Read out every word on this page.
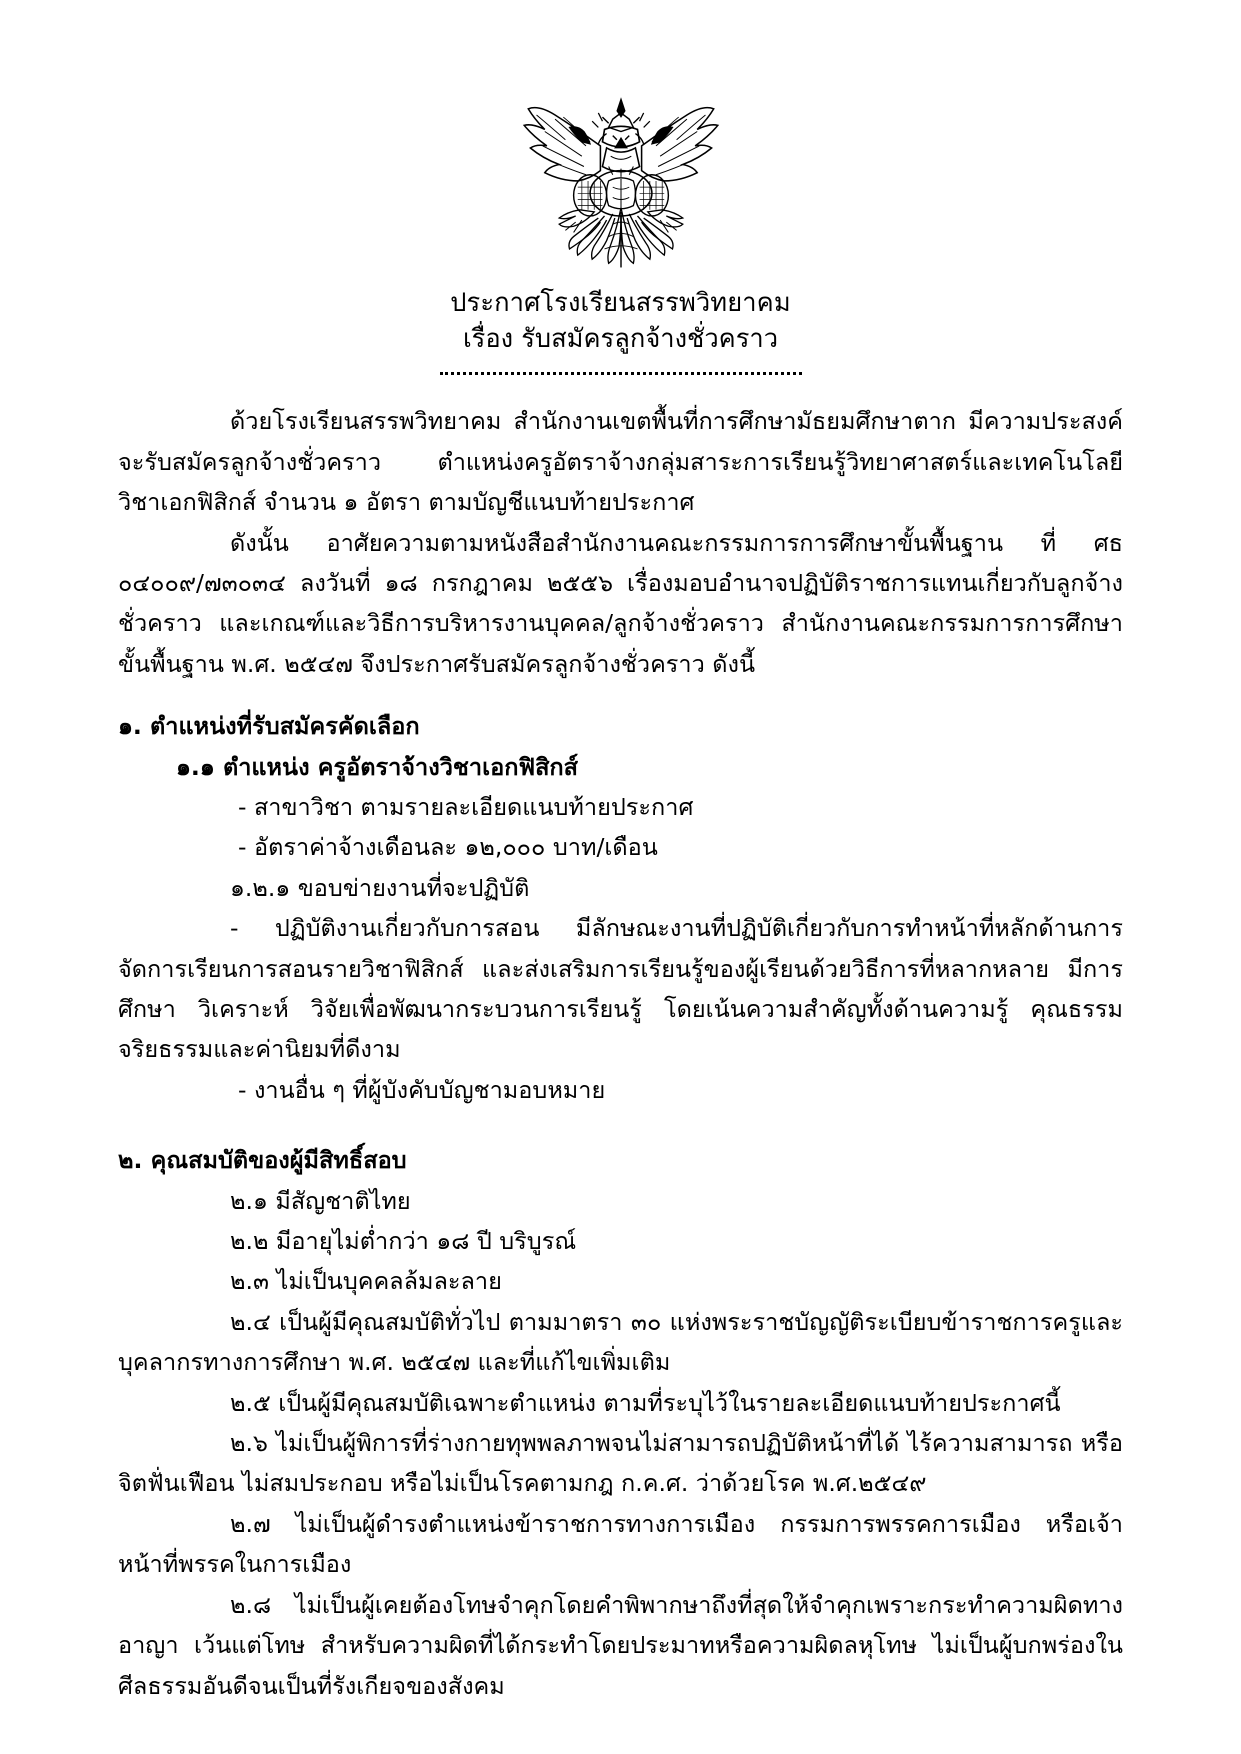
ประกาศโรงเรียนสรรพวิทยาคม
เรื่อง รับสมัครลูกจ้างชั่วคราว

ด้วยโรงเรียนสรรพวิทยาคม สำนักงานเขตพื้นที่การศึกษามัธยมศึกษาตาก มีความประสงค์จะรับสมัครลูกจ้างชั่วคราว ตำแหน่งครูอัตราจ้างกลุ่มสาระการเรียนรู้วิทยาศาสตร์และเทคโนโลยี วิชาเอกฟิสิกส์ จำนวน ๑ อัตรา ตามบัญชีแนบท้ายประกาศ

ดังนั้น อาศัยความตามหนังสือสำนักงานคณะกรรมการการศึกษาขั้นพื้นฐาน ที่ ศธ ๐๔๐๐๙/๗๓๐๓๔ ลงวันที่ ๑๘ กรกฎาคม ๒๕๕๖ เรื่องมอบอำนาจปฏิบัติราชการแทนเกี่ยวกับลูกจ้างชั่วคราว และเกณฑ์และวิธีการบริหารงานบุคคล/ลูกจ้างชั่วคราว สำนักงานคณะกรรมการการศึกษาขั้นพื้นฐาน พ.ศ. ๒๕๔๗ จึงประกาศรับสมัครลูกจ้างชั่วคราว ดังนี้

๑. ตำแหน่งที่รับสมัครคัดเลือก

๑.๑ ตำแหน่ง ครูอัตราจ้างวิชาเอกฟิสิกส์

- สาขาวิชา ตามรายละเอียดแนบท้ายประกาศ

- อัตราค่าจ้างเดือนละ ๑๒,๐๐๐ บาท/เดือน

๑.๒.๑ ขอบข่ายงานที่จะปฏิบัติ

- ปฏิบัติงานเกี่ยวกับการสอน มีลักษณะงานที่ปฏิบัติเกี่ยวกับการทำหน้าที่หลักด้านการจัดการเรียนการสอนรายวิชาฟิสิกส์ และส่งเสริมการเรียนรู้ของผู้เรียนด้วยวิธีการที่หลากหลาย มีการศึกษา วิเคราะห์ วิจัยเพื่อพัฒนากระบวนการเรียนรู้ โดยเน้นความสำคัญทั้งด้านความรู้ คุณธรรม จริยธรรมและค่านิยมที่ดีงาม

- งานอื่น ๆ ที่ผู้บังคับบัญชามอบหมาย

๒. คุณสมบัติของผู้มีสิทธิ์สอบ

๒.๑ มีสัญชาติไทย

๒.๒ มีอายุไม่ต่ำกว่า ๑๘ ปี บริบูรณ์

๒.๓ ไม่เป็นบุคคลล้มละลาย

๒.๔ เป็นผู้มีคุณสมบัติทั่วไป ตามมาตรา ๓๐ แห่งพระราชบัญญัติระเบียบข้าราชการครูและบุคลากรทางการศึกษา พ.ศ. ๒๕๔๗ และที่แก้ไขเพิ่มเติม

๒.๕ เป็นผู้มีคุณสมบัติเฉพาะตำแหน่ง ตามที่ระบุไว้ในรายละเอียดแนบท้ายประกาศนี้

๒.๖ ไม่เป็นผู้พิการที่ร่างกายทุพพลภาพจนไม่สามารถปฏิบัติหน้าที่ได้ ไร้ความสามารถ หรือจิตฟั่นเฟือน ไม่สมประกอบ หรือไม่เป็นโรคตามกฎ ก.ค.ศ. ว่าด้วยโรค พ.ศ.๒๕๔๙

๒.๗ ไม่เป็นผู้ดำรงตำแหน่งข้าราชการทางการเมือง กรรมการพรรคการเมือง หรือเจ้าหน้าที่พรรคในการเมือง

๒.๘ ไม่เป็นผู้เคยต้องโทษจำคุกโดยคำพิพากษาถึงที่สุดให้จำคุกเพราะกระทำความผิดทางอาญา เว้นแต่โทษ สำหรับความผิดที่ได้กระทำโดยประมาทหรือความผิดลหุโทษ ไม่เป็นผู้บกพร่องในศีลธรรมอันดีจนเป็นที่รังเกียจของสังคม
